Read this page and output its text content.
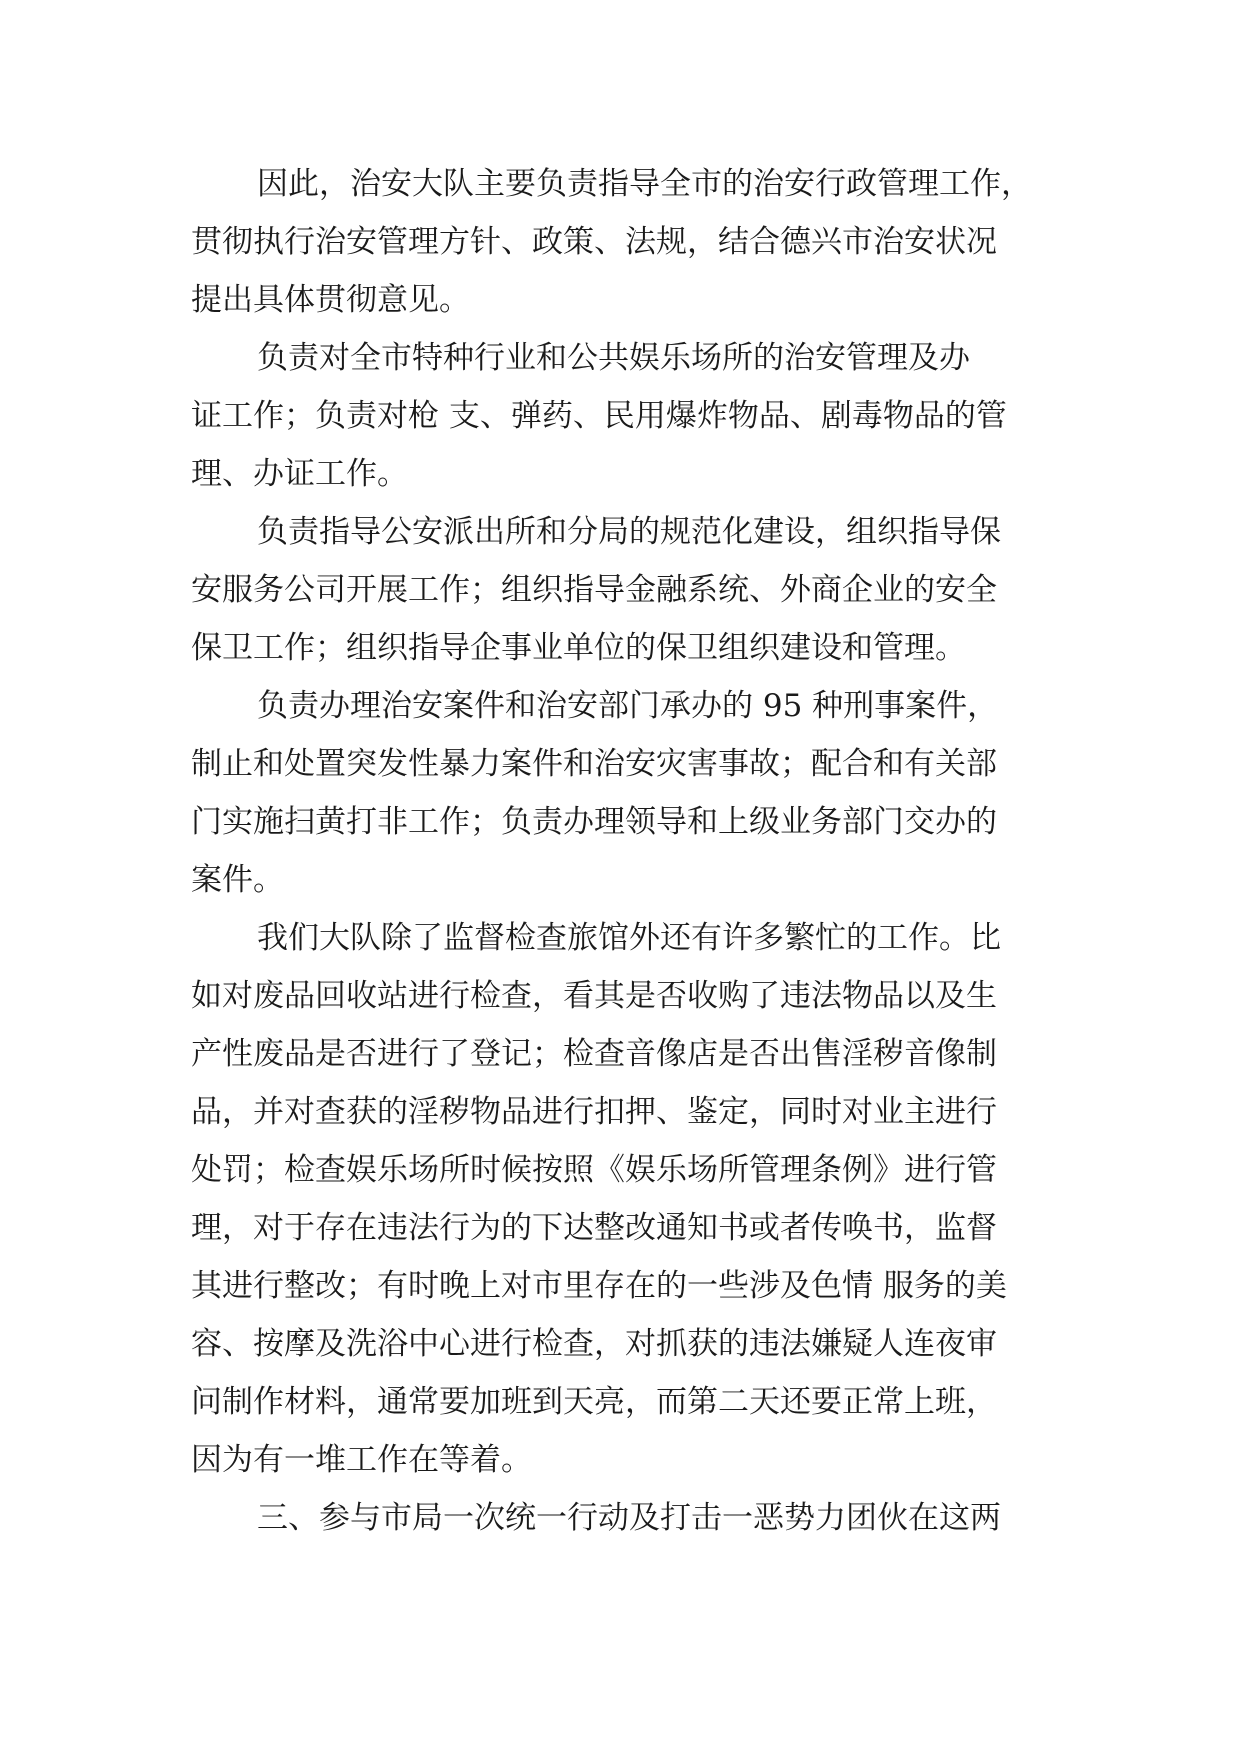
因此，治安大队主要负责指导全市的治安行政管理工作，

贯彻执行治安管理方针、政策、法规，结合德兴市治安状况

提出具体贯彻意见。

负责对全市特种行业和公共娱乐场所的治安管理及办

证工作；负责对枪 支、弹药、民用爆炸物品、剧毒物品的管

理、办证工作。

负责指导公安派出所和分局的规范化建设，组织指导保

安服务公司开展工作；组织指导金融系统、外商企业的安全

保卫工作；组织指导企事业单位的保卫组织建设和管理。

负责办理治安案件和治安部门承办的 95 种刑事案件，

制止和处置突发性暴力案件和治安灾害事故；配合和有关部

门实施扫黄打非工作；负责办理领导和上级业务部门交办的

案件。

我们大队除了监督检查旅馆外还有许多繁忙的工作。比

如对废品回收站进行检查，看其是否收购了违法物品以及生

产性废品是否进行了登记；检查音像店是否出售淫秽音像制

品，并对查获的淫秽物品进行扣押、鉴定，同时对业主进行

处罚；检查娱乐场所时候按照《娱乐场所管理条例》进行管

理，对于存在违法行为的下达整改通知书或者传唤书，监督

其进行整改；有时晚上对市里存在的一些涉及色情 服务的美

容、按摩及洗浴中心进行检查，对抓获的违法嫌疑人连夜审

问制作材料，通常要加班到天亮，而第二天还要正常上班，

因为有一堆工作在等着。

三、参与市局一次统一行动及打击一恶势力团伙在这两
